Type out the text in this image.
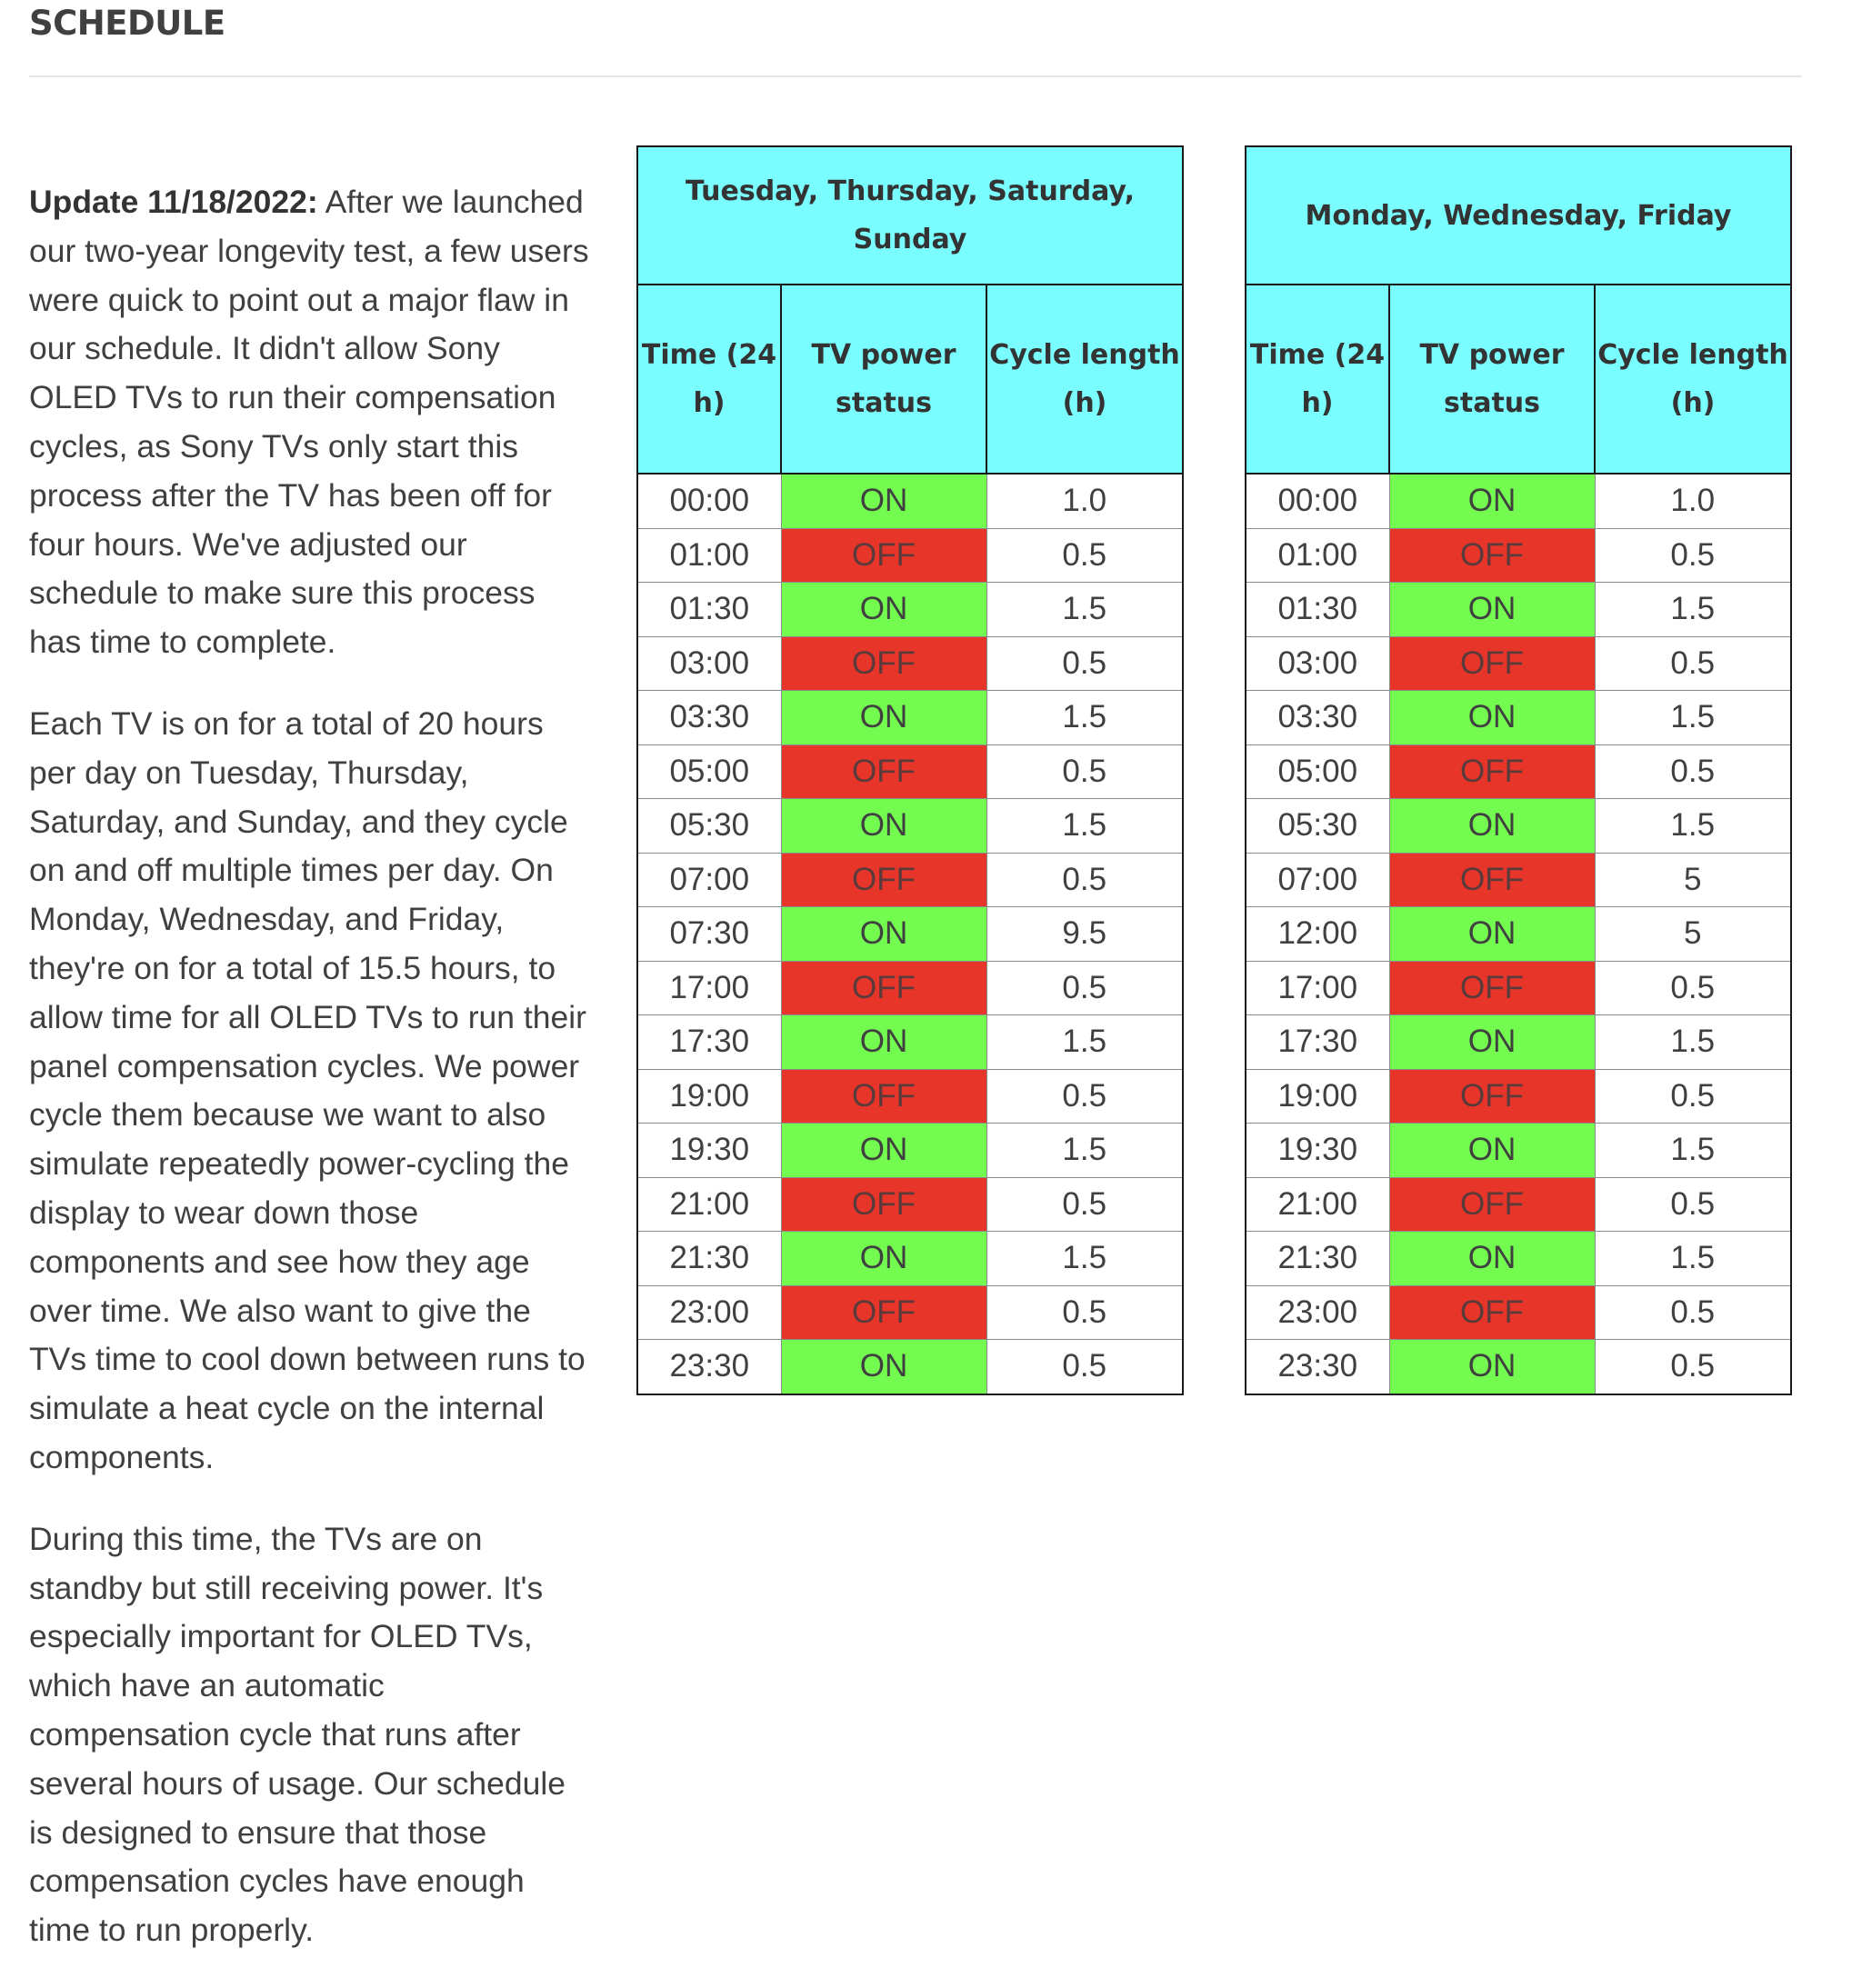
SCHEDULE

Update 11/18/2022: After we launched our two-year longevity test, a few users were quick to point out a major flaw in our schedule. It didn't allow Sony OLED TVs to run their compensation cycles, as Sony TVs only start this process after the TV has been off for four hours. We've adjusted our schedule to make sure this process has time to complete.

Each TV is on for a total of 20 hours per day on Tuesday, Thursday, Saturday, and Sunday, and they cycle on and off multiple times per day. On Monday, Wednesday, and Friday, they're on for a total of 15.5 hours, to allow time for all OLED TVs to run their panel compensation cycles. We power cycle them because we want to also simulate repeatedly power-cycling the display to wear down those components and see how they age over time. We also want to give the TVs time to cool down between runs to simulate a heat cycle on the internal components.

During this time, the TVs are on standby but still receiving power. It's especially important for OLED TVs, which have an automatic compensation cycle that runs after several hours of usage. Our schedule is designed to ensure that those compensation cycles have enough time to run properly.

Tuesday, Thursday, Saturday, Sunday		
Time (24 h)	TV power status	Cycle length (h)
00:00	ON	1.0
01:00	OFF	0.5
01:30	ON	1.5
03:00	OFF	0.5
03:30	ON	1.5
05:00	OFF	0.5
05:30	ON	1.5
07:00	OFF	0.5
07:30	ON	9.5
17:00	OFF	0.5
17:30	ON	1.5
19:00	OFF	0.5
19:30	ON	1.5
21:00	OFF	0.5
21:30	ON	1.5
23:00	OFF	0.5
23:30	ON	0.5
Monday, Wednesday, Friday		
Time (24 h)	TV power status	Cycle length (h)
00:00	ON	1.0
01:00	OFF	0.5
01:30	ON	1.5
03:00	OFF	0.5
03:30	ON	1.5
05:00	OFF	0.5
05:30	ON	1.5
07:00	OFF	5
12:00	ON	5
17:00	OFF	0.5
17:30	ON	1.5
19:00	OFF	0.5
19:30	ON	1.5
21:00	OFF	0.5
21:30	ON	1.5
23:00	OFF	0.5
23:30	ON	0.5
